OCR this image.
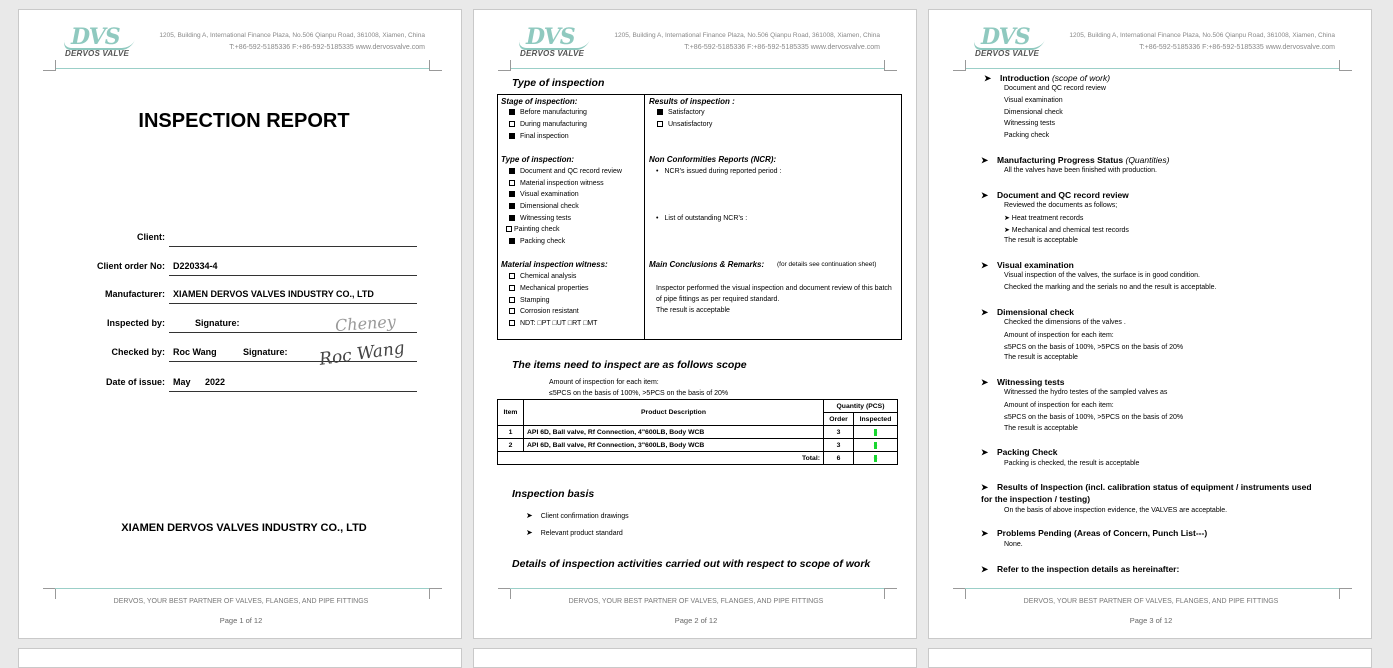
DVS
DERVOS VALVE
1205, Building A, International Finance Plaza, No.506 Qianpu Road, 361008, Xiamen, China
T:+86-592-5185336 F:+86-592-5185335 www.dervosvalve.com
INSPECTION REPORT
Client:
Client order No: D220334-4
Manufacturer: XIAMEN DERVOS VALVES INDUSTRY CO., LTD
Inspected by:	Signature:	Cheney
Checked by: Roc Wang	Signature: Roc Wang
Date of issue: May 2022
XIAMEN DERVOS VALVES INDUSTRY CO., LTD
DERVOS, YOUR BEST PARTNER OF VALVES, FLANGES, AND PIPE FITTINGS
Page 1 of 12
DVS
DERVOS VALVE
1205, Building A, International Finance Plaza, No.506 Qianpu Road, 361008, Xiamen, China
T:+86-592-5185336 F:+86-592-5185335 www.dervosvalve.com
Type of inspection
Stage of inspection:
Before manufacturing
During manufacturing
Final inspection
Type of inspection:
Document and QC record review
Material inspection witness
Visual examination
Dimensional check
Witnessing tests
Painting check
Packing check
Material inspection witness:
Chemical analysis
Mechanical properties
Stamping
Corrosion resistant
NDT: □PT □UT □RT □MT
Results of inspection :
Satisfactory
Unsatisfactory
Non Conformities Reports (NCR):
• NCR’s issued during reported period :
• List of outstanding NCR’s :
Main Conclusions & Remarks: (for details see continuation sheet)
Inspector performed the visual inspection and document review of this batch of pipe fittings as per required standard.
The result is acceptable
The items need to inspect are as follows scope
Amount of inspection for each item:
≤5PCS on the basis of 100%, >5PCS on the basis of 20%
Item	Product Description	Quantity (PCS)	
		Order	Inspected
1	API 6D, Ball valve, Rf Connection, 4"600LB, Body WCB	3	3
2	API 6D, Ball valve, Rf Connection, 3"600LB, Body WCB	3	3
Total:		6	6
Inspection basis
➤ Client confirmation drawings
➤ Relevant product standard
Details of inspection activities carried out with respect to scope of work
DERVOS, YOUR BEST PARTNER OF VALVES, FLANGES, AND PIPE FITTINGS
Page 2 of 12
DVS
DERVOS VALVE
1205, Building A, International Finance Plaza, No.506 Qianpu Road, 361008, Xiamen, China
T:+86-592-5185336 F:+86-592-5185335 www.dervosvalve.com
➤ Introduction (scope of work)
Document and QC record review
Visual examination
Dimensional check
Witnessing tests
Packing check
➤ Manufacturing Progress Status (Quantities)
All the valves have been finished with production.
➤ Document and QC record review
Reviewed the documents as follows;
➤ Heat treatment records
➤ Mechanical and chemical test records
The result is acceptable
➤ Visual examination
Visual inspection of the valves, the surface is in good condition.
Checked the marking and the serials no and the result is acceptable.
➤ Dimensional check
Checked the dimensions of the valves .
Amount of inspection for each item:
≤5PCS on the basis of 100%, >5PCS on the basis of 20%
The result is acceptable
➤ Witnessing tests
Witnessed the hydro testes of the sampled valves as
Amount of inspection for each item:
≤5PCS on the basis of 100%, >5PCS on the basis of 20%
The result is acceptable
➤ Packing Check
Packing is checked, the result is acceptable
➤ Results of Inspection (incl. calibration status of equipment / instruments used
for the inspection / testing)
On the basis of above inspection evidence, the VALVES are acceptable.
➤ Problems Pending (Areas of Concern, Punch List---)
None.
➤ Refer to the inspection details as hereinafter:
DERVOS, YOUR BEST PARTNER OF VALVES, FLANGES, AND PIPE FITTINGS
Page 3 of 12
